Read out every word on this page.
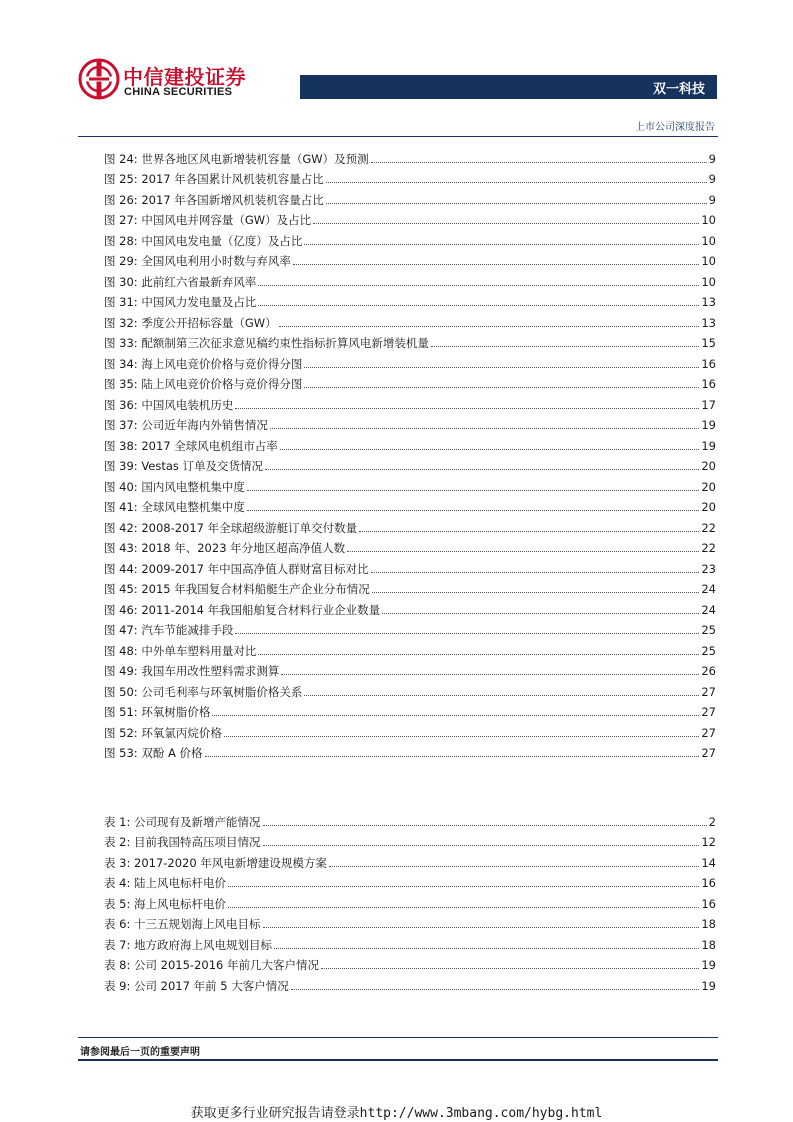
中信建投证券
CHINA SECURITIES	双一科技
上市公司深度报告
图 24: 世界各地区风电新增装机容量（GW）及预测	9
图 25: 2017 年各国累计风机装机容量占比	9
图 26: 2017 年各国新增风机装机容量占比	9
图 27: 中国风电并网容量（GW）及占比	10
图 28: 中国风电发电量（亿度）及占比	10
图 29: 全国风电利用小时数与弃风率	10
图 30: 此前红六省最新弃风率	10
图 31: 中国风力发电量及占比	13
图 32: 季度公开招标容量（GW）	13
图 33: 配额制第三次征求意见稿约束性指标折算风电新增装机量	15
图 34: 海上风电竞价价格与竞价得分图	16
图 35: 陆上风电竞价价格与竞价得分图	16
图 36: 中国风电装机历史	17
图 37: 公司近年海内外销售情况	19
图 38: 2017 全球风电机组市占率	19
图 39: Vestas 订单及交货情况	20
图 40: 国内风电整机集中度	20
图 41: 全球风电整机集中度	20
图 42: 2008-2017 年全球超级游艇订单交付数量	22
图 43: 2018 年、2023 年分地区超高净值人数	22
图 44: 2009-2017 年中国高净值人群财富目标对比	23
图 45: 2015 年我国复合材料船艇生产企业分布情况	24
图 46: 2011-2014 年我国船舶复合材料行业企业数量	24
图 47: 汽车节能减排手段	25
图 48: 中外单车塑料用量对比	25
图 49: 我国车用改性塑料需求测算	26
图 50: 公司毛利率与环氧树脂价格关系	27
图 51: 环氧树脂价格	27
图 52: 环氧氯丙烷价格	27
图 53: 双酚 A 价格	27
表 1: 公司现有及新增产能情况	2
表 2: 目前我国特高压项目情况	12
表 3: 2017-2020 年风电新增建设规模方案	14
表 4: 陆上风电标杆电价	16
表 5: 海上风电标杆电价	16
表 6: 十三五规划海上风电目标	18
表 7: 地方政府海上风电规划目标	18
表 8: 公司 2015-2016 年前几大客户情况	19
表 9: 公司 2017 年前 5 大客户情况	19
请参阅最后一页的重要声明
获取更多行业研究报告请登录http://www.3mbang.com/hybg.html
